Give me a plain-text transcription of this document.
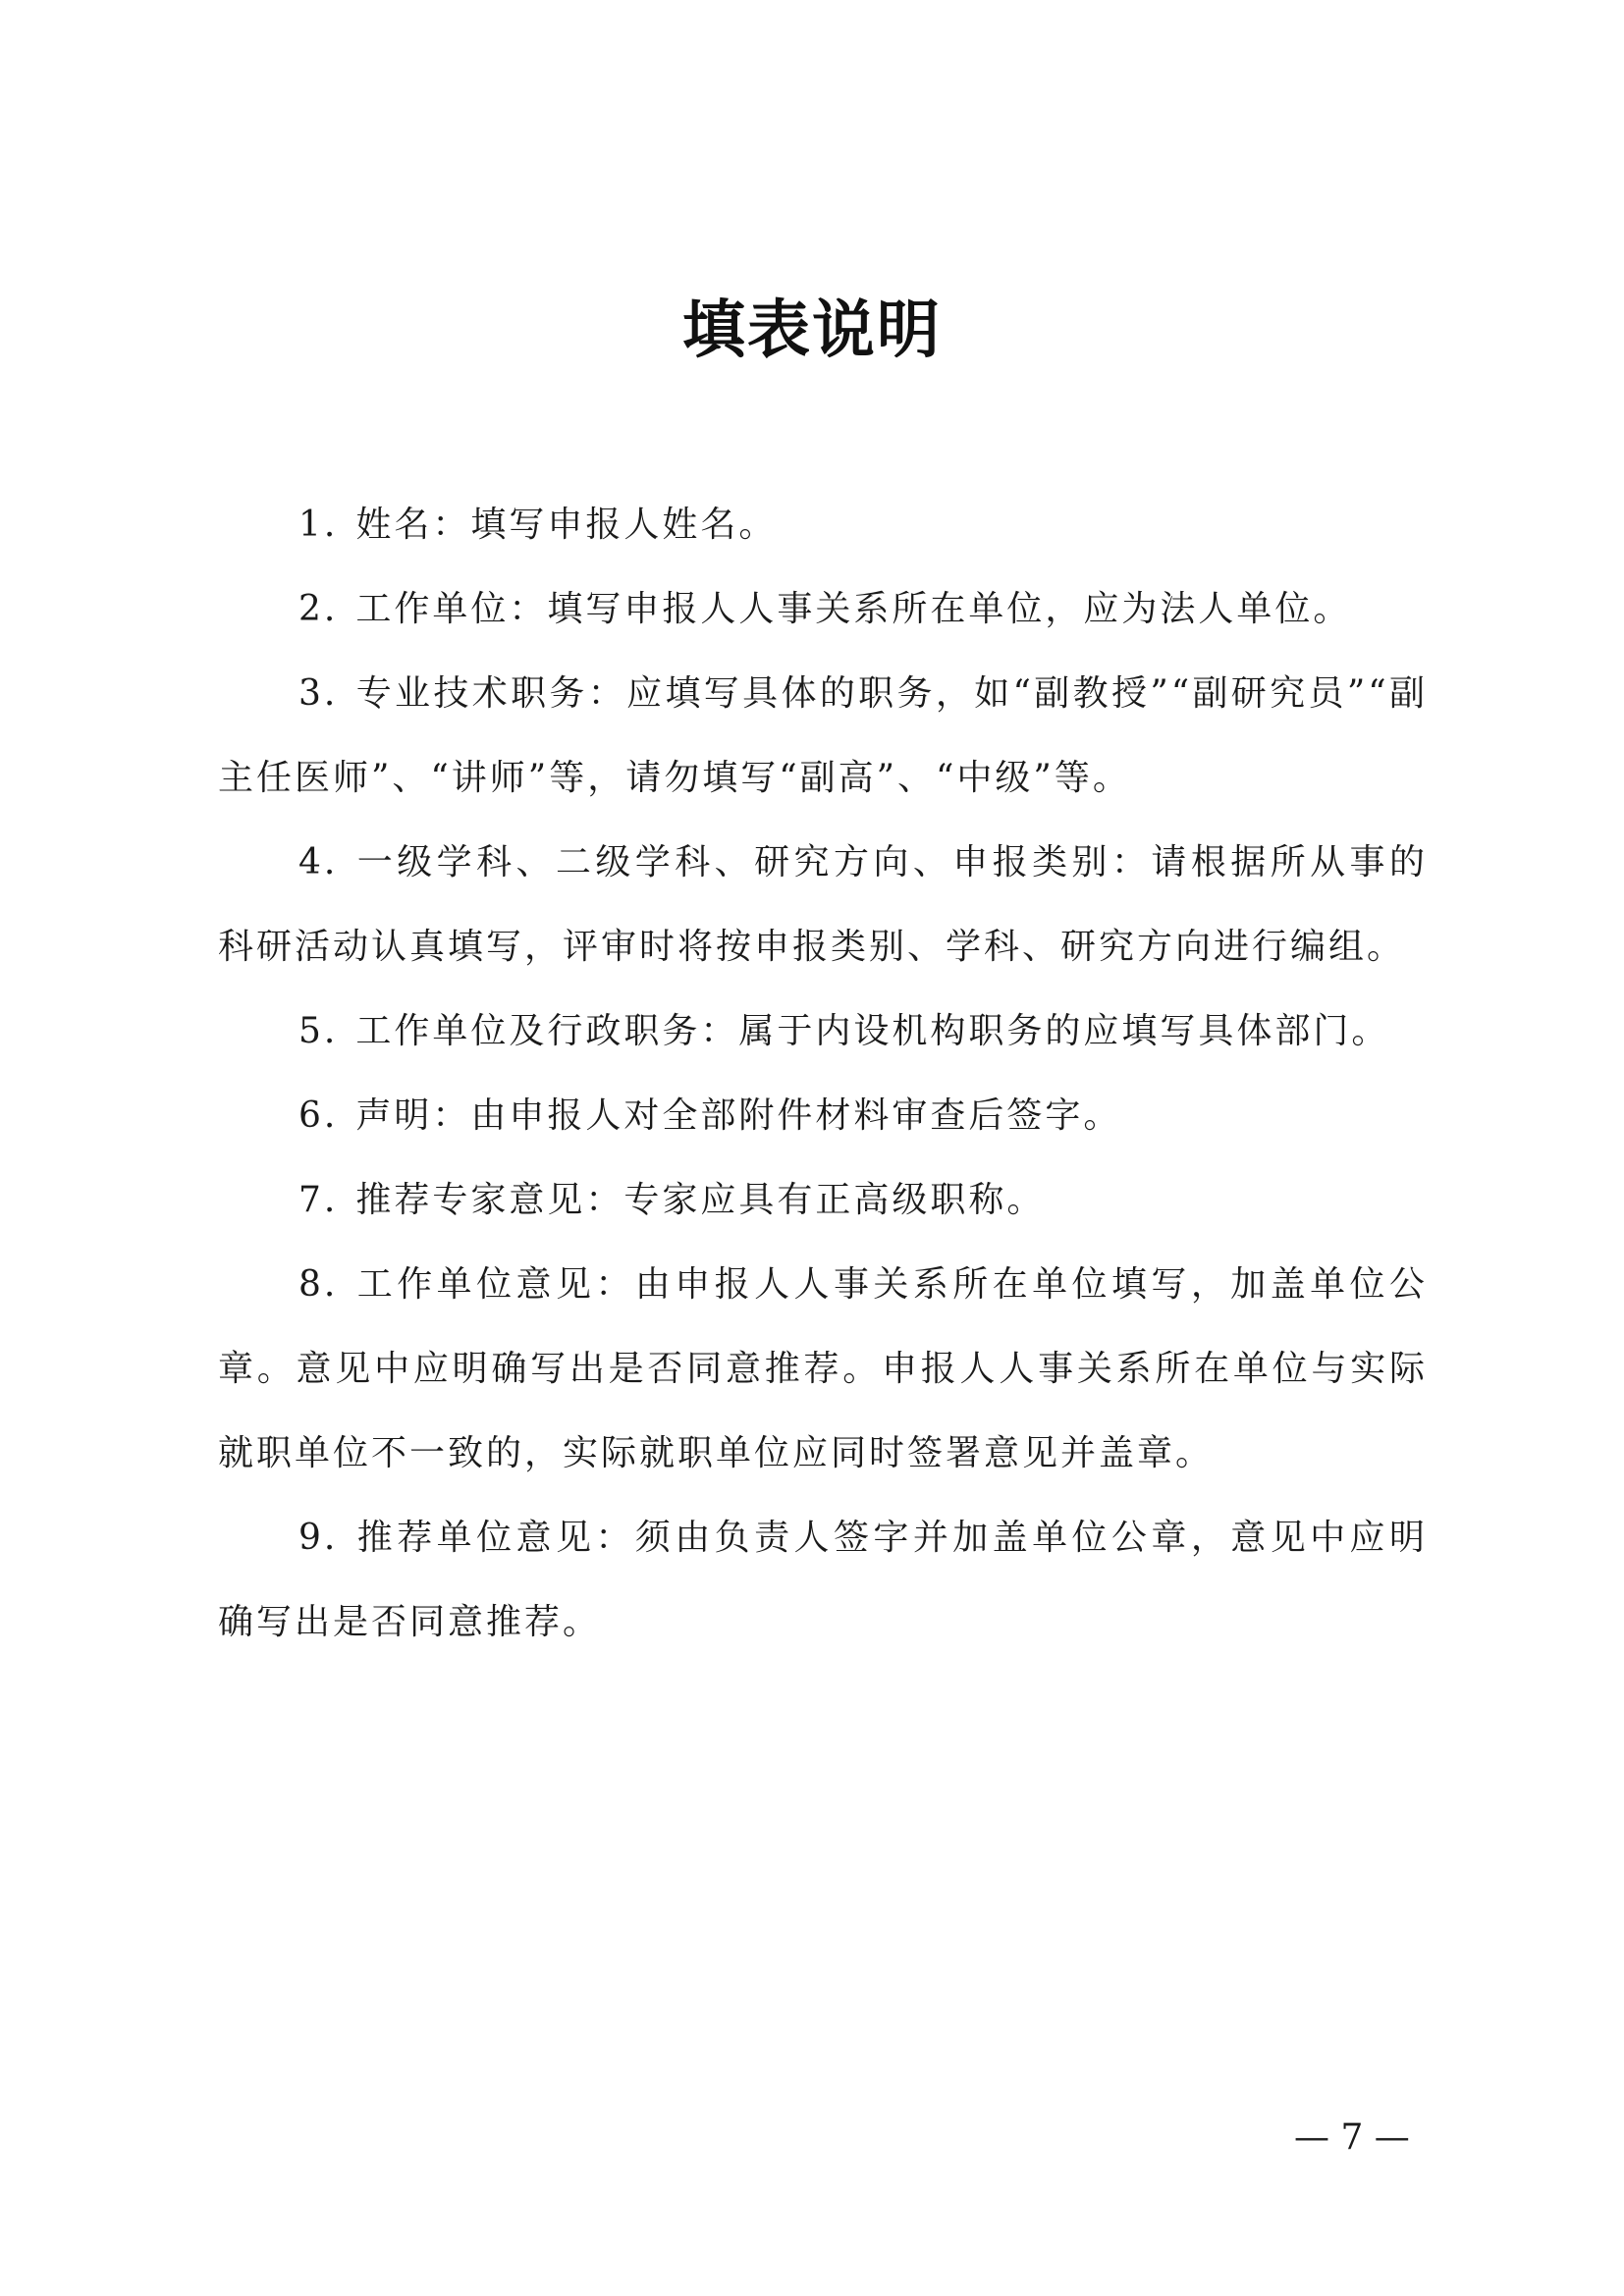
填表说明

1. 姓名：填写申报人姓名。

2. 工作单位：填写申报人人事关系所在单位，应为法人单位。

3. 专业技术职务：应填写具体的职务，如“副教授”“副研究员”“副主任医师”、“讲师”等，请勿填写“副高”、“中级”等。

4. 一级学科、二级学科、研究方向、申报类别：请根据所从事的科研活动认真填写，评审时将按申报类别、学科、研究方向进行编组。

5. 工作单位及行政职务：属于内设机构职务的应填写具体部门。

6. 声明：由申报人对全部附件材料审查后签字。

7. 推荐专家意见：专家应具有正高级职称。

8. 工作单位意见：由申报人人事关系所在单位填写，加盖单位公章。意见中应明确写出是否同意推荐。申报人人事关系所在单位与实际就职单位不一致的，实际就职单位应同时签署意见并盖章。

9. 推荐单位意见：须由负责人签字并加盖单位公章，意见中应明确写出是否同意推荐。

— 7 —
